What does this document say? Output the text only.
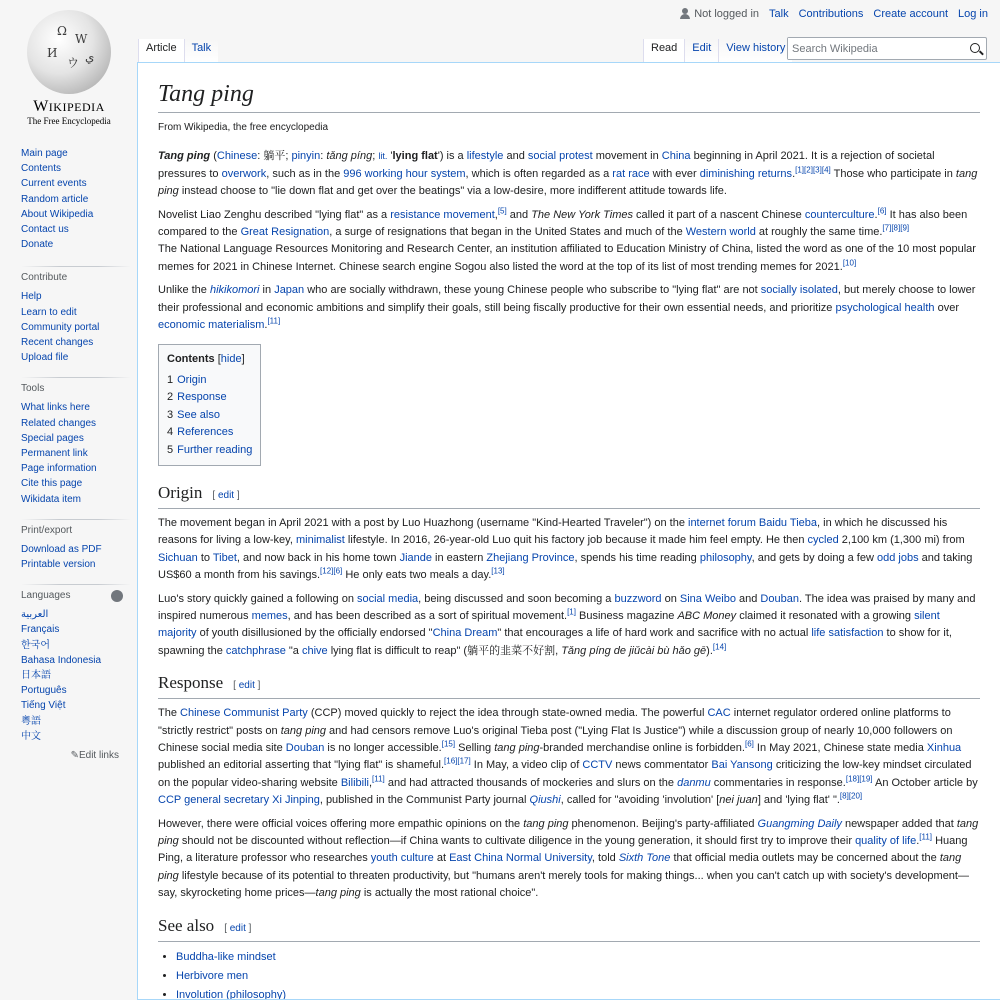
Not logged in Talk Contributions Create account Log in
Ω
W
И
ウ ي
WIKIPEDIA
The Free Encyclopedia
Main page
Contents
Current events
Random article
About Wikipedia
Contact us
Donate
Contribute
Help
Learn to edit
Community portal
Recent changes
Upload file
Tools
What links here
Related changes
Special pages
Permanent link
Page information
Cite this page
Wikidata item
Print/export
Download as PDF
Printable version
Languages
العربية
Français
한국어
Bahasa Indonesia
日本語
Português
Tiếng Việt
粵語
中文
✎Edit links
Article	Talk	Read	Edit	View history
Search Wikipedia
Tang ping
From Wikipedia, the free encyclopedia

Tang ping (Chinese: 躺平; pinyin: tǎng píng; lit. 'lying flat') is a lifestyle and social protest movement in China beginning in April 2021. It is a rejection of societal pressures to overwork, such as in the 996 working hour system, which is often regarded as a rat race with ever diminishing returns.[1][2][3][4] Those who participate in tang ping instead choose to "lie down flat and get over the beatings" via a low-desire, more indifferent attitude towards life.

Novelist Liao Zenghu described "lying flat" as a resistance movement,[5] and The New York Times called it part of a nascent Chinese counterculture.[6] It has also been compared to the Great Resignation, a surge of resignations that began in the United States and much of the Western world at roughly the same time.[7][8][9]

The National Language Resources Monitoring and Research Center, an institution affiliated to Education Ministry of China, listed the word as one of the 10 most popular memes for 2021 in Chinese Internet. Chinese search engine Sogou also listed the word at the top of its list of most trending memes for 2021.[10]

Unlike the hikikomori in Japan who are socially withdrawn, these young Chinese people who subscribe to "lying flat" are not socially isolated, but merely choose to lower their professional and economic ambitions and simplify their goals, still being fiscally productive for their own essential needs, and prioritize psychological health over economic materialism.[11]

Contents [hide]
1 Origin
2 Response
3 See also
4 References
5 Further reading
Origin [ edit ]

The movement began in April 2021 with a post by Luo Huazhong (username "Kind-Hearted Traveler") on the internet forum Baidu Tieba, in which he discussed his reasons for living a low-key, minimalist lifestyle. In 2016, 26-year-old Luo quit his factory job because it made him feel empty. He then cycled 2,100 km (1,300 mi) from Sichuan to Tibet, and now back in his home town Jiande in eastern Zhejiang Province, spends his time reading philosophy, and gets by doing a few odd jobs and taking US$60 a month from his savings.[12][6] He only eats two meals a day.[13]

Luo's story quickly gained a following on social media, being discussed and soon becoming a buzzword on Sina Weibo and Douban. The idea was praised by many and inspired numerous memes, and has been described as a sort of spiritual movement.[1] Business magazine ABC Money claimed it resonated with a growing silent majority of youth disillusioned by the officially endorsed "China Dream" that encourages a life of hard work and sacrifice with no actual life satisfaction to show for it, spawning the catchphrase "a chive lying flat is difficult to reap" (躺平的韭菜不好割, Tǎng píng de jiǔcài bù hǎo gē).[14]

Response [ edit ]

The Chinese Communist Party (CCP) moved quickly to reject the idea through state-owned media. The powerful CAC internet regulator ordered online platforms to "strictly restrict" posts on tang ping and had censors remove Luo's original Tieba post ("Lying Flat Is Justice") while a discussion group of nearly 10,000 followers on Chinese social media site Douban is no longer accessible.[15] Selling tang ping-branded merchandise online is forbidden.[6] In May 2021, Chinese state media Xinhua published an editorial asserting that "lying flat" is shameful.[16][17] In May, a video clip of CCTV news commentator Bai Yansong criticizing the low-key mindset circulated on the popular video-sharing website Bilibili,[11] and had attracted thousands of mockeries and slurs on the danmu commentaries in response.[18][19] An October article by CCP general secretary Xi Jinping, published in the Communist Party journal Qiushi, called for "avoiding 'involution' [nei juan] and 'lying flat' ".[8][20]

However, there were official voices offering more empathic opinions on the tang ping phenomenon. Beijing's party-affiliated Guangming Daily newspaper added that tang ping should not be discounted without reflection—if China wants to cultivate diligence in the young generation, it should first try to improve their quality of life.[11] Huang Ping, a literature professor who researches youth culture at East China Normal University, told Sixth Tone that official media outlets may be concerned about the tang ping lifestyle because of its potential to threaten productivity, but "humans aren't merely tools for making things... when you can't catch up with society's development—say, skyrocketing home prices—tang ping is actually the most rational choice".

See also [ edit ]
• Buddha-like mindset
• Herbivore men
• Involution (philosophy)
